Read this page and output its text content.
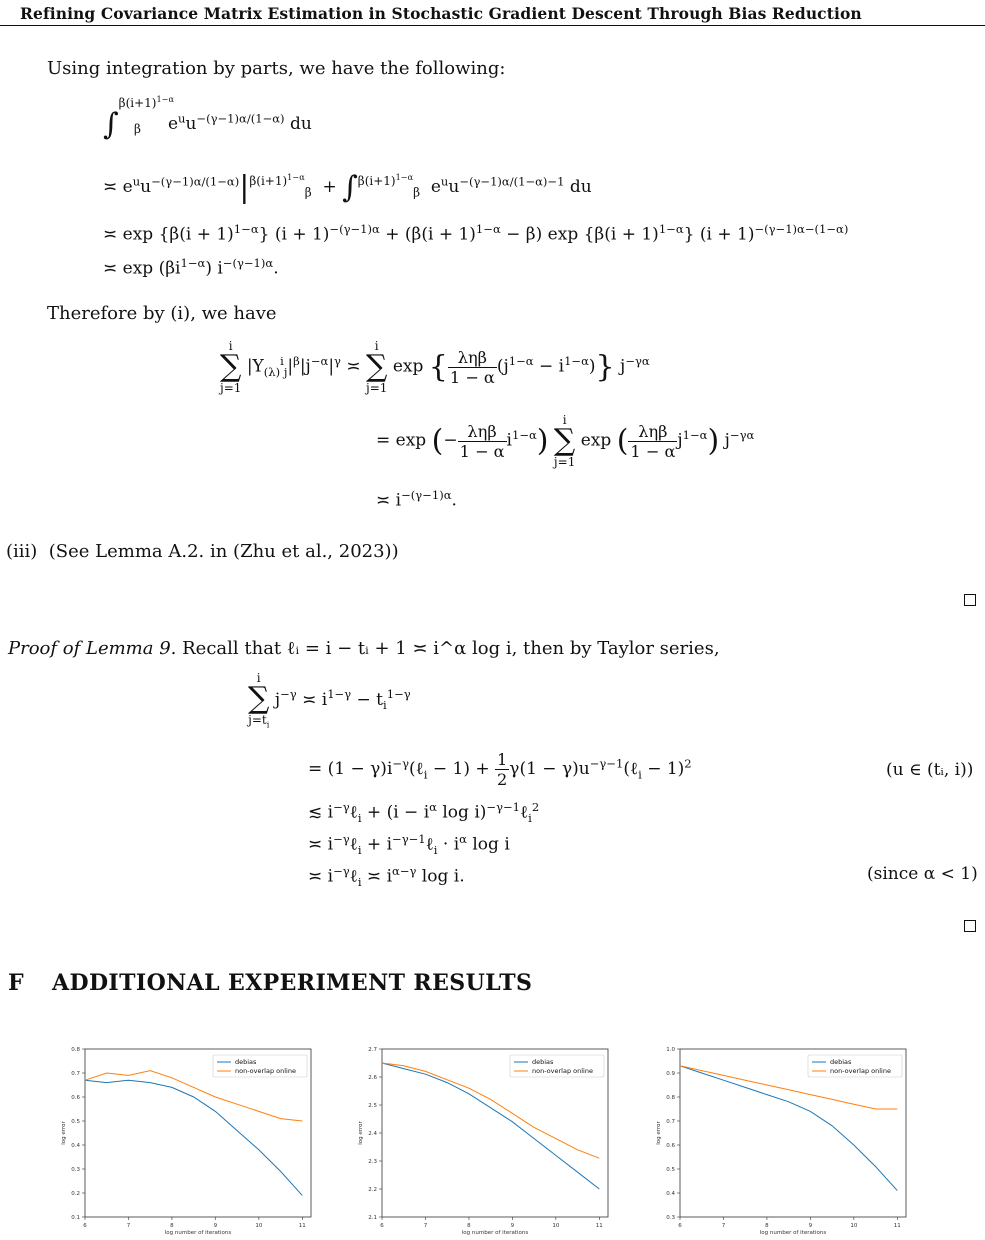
Refining Covariance Matrix Estimation in Stochastic Gradient Descent Through Bias Reduction
Using integration by parts, we have the following:
∫$^{\beta(i+1)^{1-\alpha}}_\beta$     $e^uu^{-(\gamma-1)\alpha/(1-\alpha)}$ du
≍ $e^uu^{-(\gamma-1)\alpha/(1-\alpha)}|^{\beta(i+1)^{1-\alpha}}_\beta + \int^{\beta(i+1)^{1-\alpha}}_\beta$  $e^uu^{-(\gamma-1)\alpha/(1-\alpha)-1}$ du
≍ $\exp \{\beta(i + 1)^{1-\alpha}\}$ $(i + 1)^{-(\gamma-1)\alpha} + (\beta(i + 1)^{1-\alpha} - \beta)$ $\exp \{\beta(i + 1)^{1-\alpha}\}$ $(i + 1)^{-(\gamma-1)\alpha-(1-\alpha)}$
≍ $\exp (\beta i^{1-\alpha})$ $i^{-(\gamma-1)\alpha}$.
Therefore by (i), we have
i
∑
j=1
$|Y_{(\lambda)}^i_j|^\beta|j^{-\alpha}|^\gamma$ ≍
i
∑
j=1
exp { $\frac{\text{ληβ}}{1 - \alpha} (j^{1-\alpha} - i^{1-\alpha})$} $j^{-\gamma\alpha}$
= exp (− $\frac{\text{ληβ}}{1 - \alpha} i^{1-\alpha}$)
i
∑
j=1
exp ( $\frac{\text{ληβ}}{1 - \alpha} j^{1-\alpha}$) $j^{-\gamma\alpha}$
≍ $i^{-(\gamma-1)\alpha}$.
(iii) (See Lemma A.2. in (Zhu et al., 2023))
Proof of Lemma 9. Recall that ℓᵢ = i − tᵢ + 1 ≍ i^α log i, then by Taylor series,
i
∑
$j=t_i$
$j^{-\gamma}$ ≍ $i^{1-\gamma} - t_i^{1-\gamma}$
= $(1 - \gamma)i^{-\gamma}(\ell_i - 1) + \frac{1}{2} \gamma(1$ − $\gamma)u^{-\gamma-1}(\ell_i - 1)^2$	(u ∈ (tᵢ, i))
≲ $i^{-\gamma}\ell_i + (i - i^\alpha$ log i)$^{-\gamma-1}$ℓ$_i^2$
≍ $i^{-\gamma}\ell_i$ + $i^{-\gamma-1}\ell_i \cdot i^\alpha$ log i
≍ $i^{-\gamma}\ell_i$ ≍ $i^{\alpha-\gamma}$ log i.	(since α < 1)
F ADDITIONAL EXPERIMENT RESULTS
6	7	8	9	10	11
0.1
0.2
0.3
0.4
0.5
0.6
0.7
0.8
log number of iterations
log error
debias
non-overlap online
6	7	8	9	10	11
2.1
2.2
2.3
2.4
2.5
2.6
2.7
log number of iterations
log error
debias
non-overlap online
6	7	8	9	10	11
0.3
0.4
0.5
0.6
0.7
0.8
0.9
1.0
log number of iterations
log error
debias
non-overlap online
